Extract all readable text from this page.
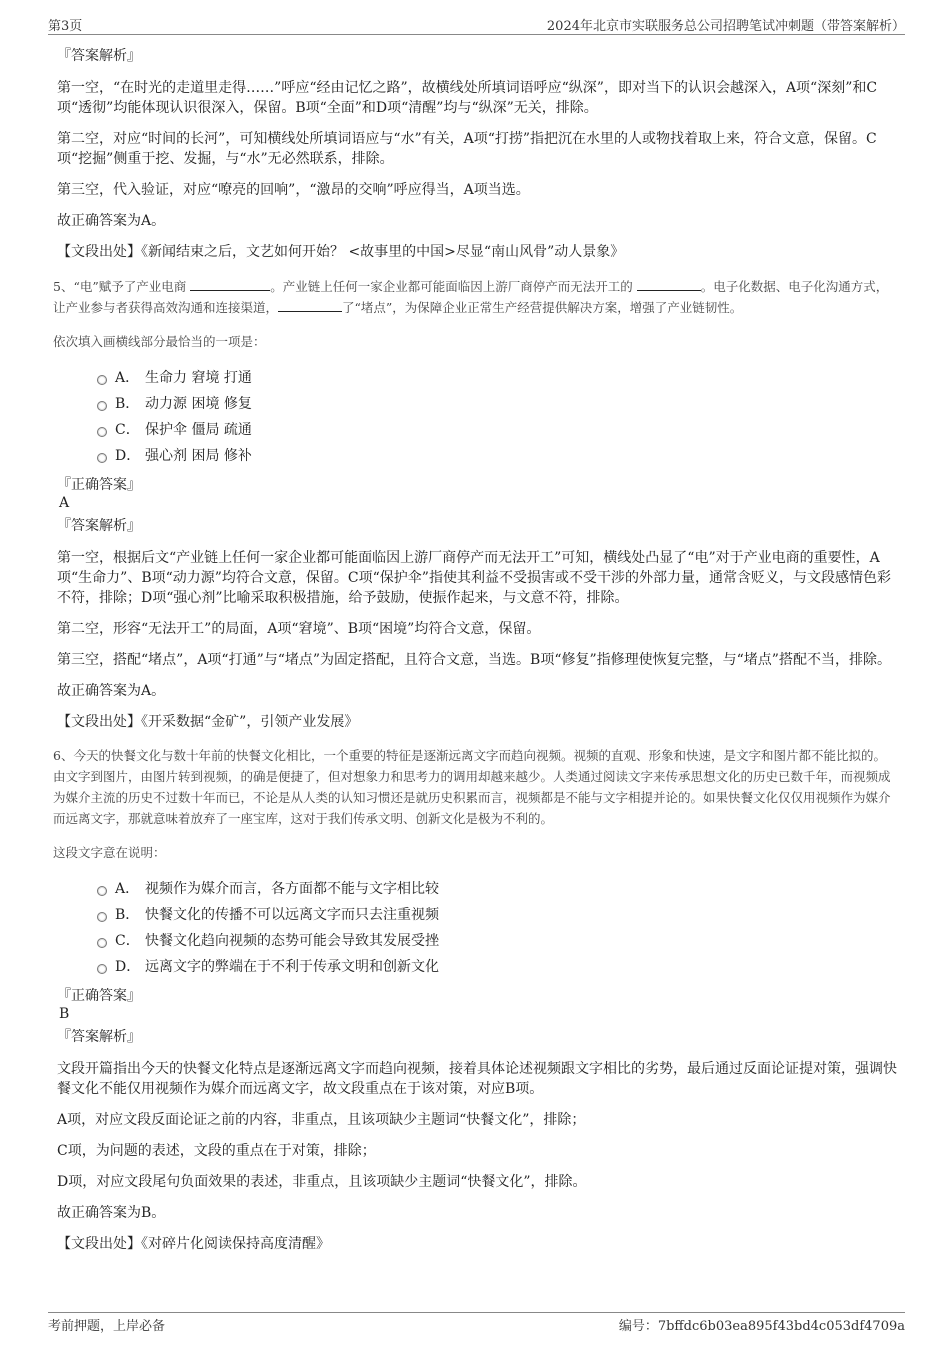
第3页	2024年北京市实联服务总公司招聘笔试冲刺题（带答案解析）
『答案解析』

第一空，“在时光的走道里走得……”呼应“经由记忆之路”，故横线处所填词语呼应“纵深”，即对当下的认识会越深入，A项“深刻”和C项“透彻”均能体现认识很深入，保留。B项“全面”和D项“清醒”均与“纵深”无关，排除。

第二空，对应“时间的长河”，可知横线处所填词语应与“水”有关，A项“打捞”指把沉在水里的人或物找着取上来，符合文意，保留。C项“挖掘”侧重于挖、发掘，与“水”无必然联系，排除。

第三空，代入验证，对应“嘹亮的回响”，“激昂的交响”呼应得当，A项当选。

故正确答案为A。

【文段出处】《新闻结束之后，文艺如何开始？ <故事里的中国>尽显“南山风骨”动人景象》

5、“电”赋予了产业电商	。产业链上任何一家企业都可能面临因上游厂商停产而无法开工的	。电子化数据、电子化沟通方式，让产业参与者获得高效沟通和连接渠道，	了“堵点”，为保障企业正常生产经营提供解决方案，增强了产业链韧性。
依次填入画横线部分最恰当的一项是：
A． 生命力 窘境 打通
B． 动力源 困境 修复
C． 保护伞 僵局 疏通
D． 强心剂 困局 修补
『正确答案』
A
『答案解析』

第一空，根据后文“产业链上任何一家企业都可能面临因上游厂商停产而无法开工”可知，横线处凸显了“电”对于产业电商的重要性，A项“生命力”、B项“动力源”均符合文意，保留。C项“保护伞”指使其利益不受损害或不受干涉的外部力量，通常含贬义，与文段感情色彩不符，排除；D项“强心剂”比喻采取积极措施，给予鼓励，使振作起来，与文意不符，排除。

第二空，形容“无法开工”的局面，A项“窘境”、B项“困境”均符合文意，保留。

第三空，搭配“堵点”，A项“打通”与“堵点”为固定搭配，且符合文意，当选。B项“修复”指修理使恢复完整，与“堵点”搭配不当，排除。

故正确答案为A。

【文段出处】《开采数据“金矿”，引领产业发展》

6、今天的快餐文化与数十年前的快餐文化相比，一个重要的特征是逐渐远离文字而趋向视频。视频的直观、形象和快速，是文字和图片都不能比拟的。由文字到图片，由图片转到视频，的确是便捷了，但对想象力和思考力的调用却越来越少。人类通过阅读文字来传承思想文化的历史已数千年，而视频成为媒介主流的历史不过数十年而已，不论是从人类的认知习惯还是就历史积累而言，视频都是不能与文字相提并论的。如果快餐文化仅仅用视频作为媒介而远离文字，那就意味着放弃了一座宝库，这对于我们传承文明、创新文化是极为不利的。
这段文字意在说明：
A． 视频作为媒介而言，各方面都不能与文字相比较
B． 快餐文化的传播不可以远离文字而只去注重视频
C． 快餐文化趋向视频的态势可能会导致其发展受挫
D． 远离文字的弊端在于不利于传承文明和创新文化
『正确答案』
B
『答案解析』

文段开篇指出今天的快餐文化特点是逐渐远离文字而趋向视频，接着具体论述视频跟文字相比的劣势，最后通过反面论证提对策，强调快餐文化不能仅用视频作为媒介而远离文字，故文段重点在于该对策，对应B项。

A项，对应文段反面论证之前的内容，非重点，且该项缺少主题词“快餐文化”，排除；

C项，为问题的表述，文段的重点在于对策，排除；

D项，对应文段尾句负面效果的表述，非重点，且该项缺少主题词“快餐文化”，排除。

故正确答案为B。

【文段出处】《对碎片化阅读保持高度清醒》

考前押题，上岸必备	编号：7bffdc6b03ea895f43bd4c053df4709a
